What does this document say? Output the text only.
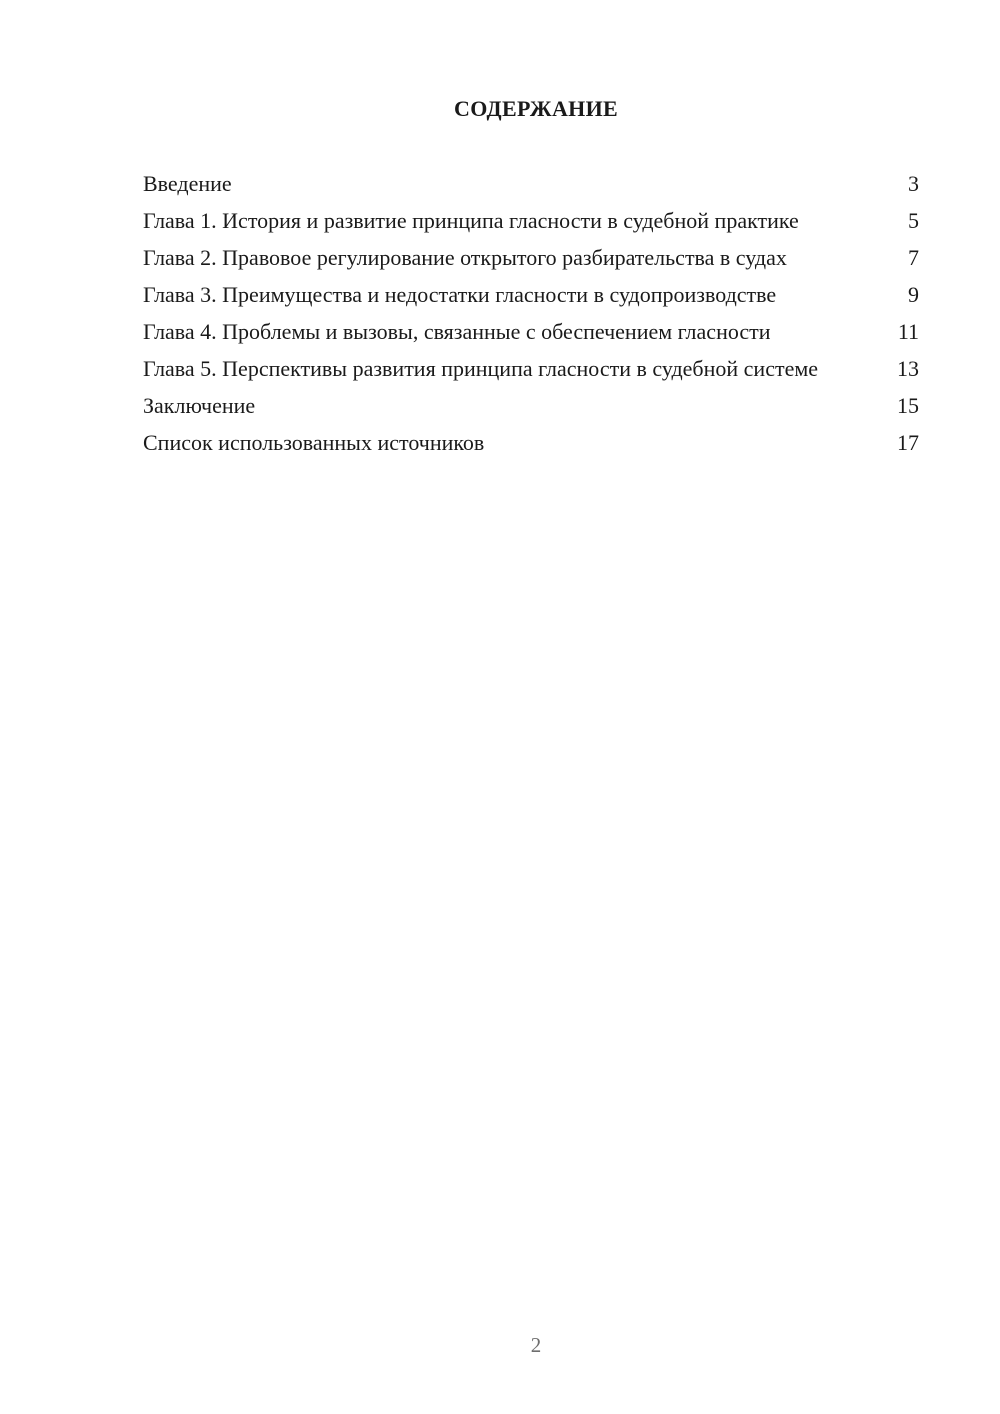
СОДЕРЖАНИЕ
Введение	3
Глава 1. История и развитие принципа гласности в судебной практике	5
Глава 2. Правовое регулирование открытого разбирательства в судах	7
Глава 3. Преимущества и недостатки гласности в судопроизводстве	9
Глава 4. Проблемы и вызовы, связанные с обеспечением гласности	11
Глава 5. Перспективы развития принципа гласности в судебной системе	13
Заключение	15
Список использованных источников	17
2
